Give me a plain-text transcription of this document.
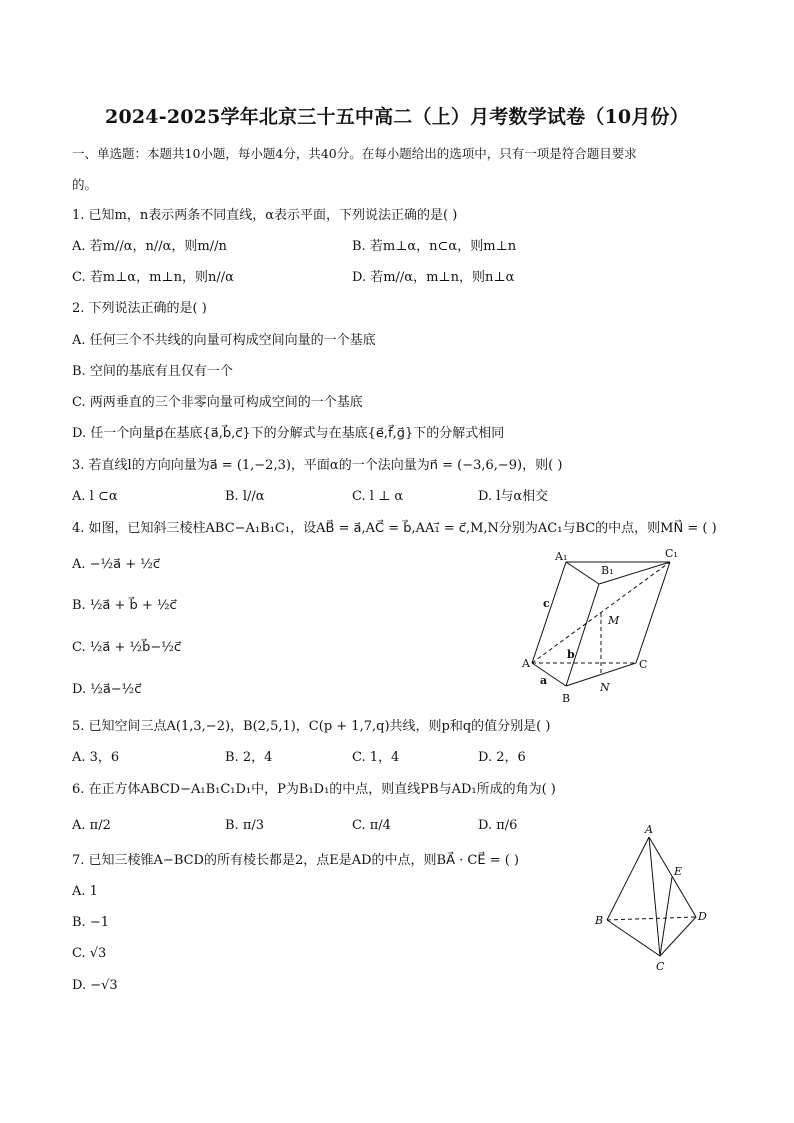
2024-2025学年北京三十五中高二（上）月考数学试卷（10月份）
一、单选题：本题共10小题，每小题4分，共40分。在每小题给出的选项中，只有一项是符合题目要求
的。
1. 已知m，n表示两条不同直线，α表示平面，下列说法正确的是( )
A. 若m//α，n//α，则m//n	B. 若m⊥α，n⊂α，则m⊥n
C. 若m⊥α，m⊥n，则n//α	D. 若m//α，m⊥n，则n⊥α
2. 下列说法正确的是( )
A. 任何三个不共线的向量可构成空间向量的一个基底
B. 空间的基底有且仅有一个
C. 两两垂直的三个非零向量可构成空间的一个基底
D. 任一个向量p⃗在基底{a⃗,b⃗,c⃗}下的分解式与在基底{e⃗,f⃗,g⃗}下的分解式相同
3. 若直线l的方向向量为a⃗ = (1,−2,3)，平面α的一个法向量为n⃗ = (−3,6,−9)，则( )
A. l ⊂α	B. l//α	C. l ⊥ α	D. l与α相交
4. 如图，已知斜三棱柱ABC−A₁B₁C₁，设AB⃗ = a⃗,AC⃗ = b⃗,AA₁⃗ = c⃗,M,N分别为AC₁与BC的中点，则MN⃗ = ( )
A. −½a⃗ + ½c⃗
B. ½a⃗ + b⃗ + ½c⃗
C. ½a⃗ + ½b⃗−½c⃗
D. ½a⃗−½c⃗
A₁
B₁
C₁
A
B
C
M
N
a
b
c
5. 已知空间三点A(1,3,−2)，B(2,5,1)，C(p + 1,7,q)共线，则p和q的值分别是( )
A. 3，6	B. 2，4	C. 1，4	D. 2，6
6. 在正方体ABCD−A₁B₁C₁D₁中，P为B₁D₁的中点，则直线PB与AD₁所成的角为( )
A. π/2	B. π/3	C. π/4	D. π/6
7. 已知三棱锥A−BCD的所有棱长都是2，点E是AD的中点，则BA⃗ · CE⃗ = ( )
A. 1
B. −1
C. √3
D. −√3
A
B
C
D
E
